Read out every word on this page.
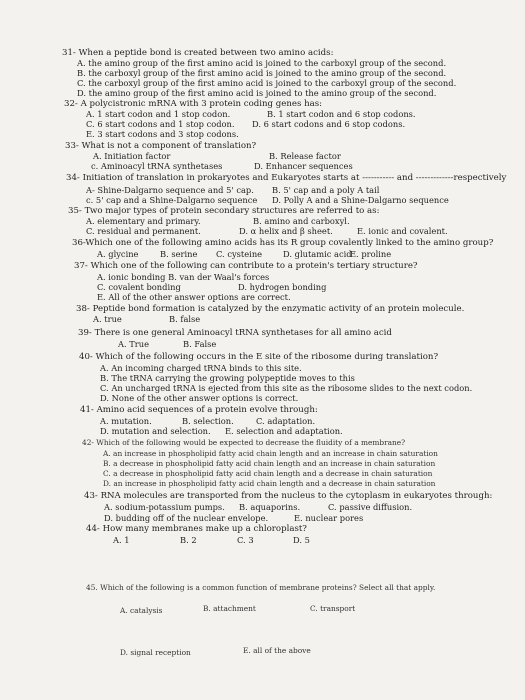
31- When a peptide bond is created between two amino acids:
A. the amino group of the first amino acid is joined to the carboxyl group of the second.
B. the carboxyl group of the first amino acid is joined to the amino group of the second.
C. the carboxyl group of the first amino acid is joined to the carboxyl group of the second.
D. the amino group of the first amino acid is joined to the amino group of the second.
32- A polycistronic mRNA with 3 protein coding genes has:
A. 1 start codon and 1 stop codon.	B. 1 start codon and 6 stop codons.
C. 6 start codons and 1 stop codon. D. 6 start codons and 6 stop codons.
E. 3 start codons and 3 stop codons.
33- What is not a component of translation?
A. Initiation factor	B. Release factor
c. Aminoacyl tRNA synthetases	D. Enhancer sequences
34- Initiation of translation in prokaryotes and Eukaryotes starts at ----------- and -------------respectively
A- Shine-Dalgarno sequence and 5' cap. B. 5' cap and a poly A tail
c. 5' cap and a Shine-Dalgarno sequence D. Polly A and a Shine-Dalgarno sequence
35- Two major types of protein secondary structures are referred to as:
A. elementary and primary.	B. amino and carboxyl.
C. residual and permanent.	D. α helix and β sheet.	E. ionic and covalent.
36-Which one of the following amino acids has its R group covalently linked to the amino group?
A. glycine	B. serine C. cysteine	D. glutamic acid
E. proline
37- Which one of the following can contribute to a protein's tertiary structure?
A. ionic bonding B. van der Waal's forces
C. covalent bonding	D. hydrogen bonding
E. All of the other answer options are correct.
38- Peptide bond formation is catalyzed by the enzymatic activity of an protein molecule.
A. true	B. false
39- There is one general Aminoacyl tRNA synthetases for all amino acid
A. True	B. False
40- Which of the following occurs in the E site of the ribosome during translation?
A. An incoming charged tRNA binds to this site.
B. The tRNA carrying the growing polypeptide moves to this
C. An uncharged tRNA is ejected from this site as the ribosome slides to the next codon.
D. None of the other answer options is correct.
41- Amino acid sequences of a protein evolve through:
A. mutation.	B. selection.	C. adaptation.
D. mutation and selection. E. selection and adaptation.
42- Which of the following would be expected to decrease the fluidity of a membrane?
A. an increase in phospholipid fatty acid chain length and an increase in chain saturation
B. a decrease in phospholipid fatty acid chain length and an increase in chain saturation
C. a decrease in phospholipid fatty acid chain length and a decrease in chain saturation
D. an increase in phospholipid fatty acid chain length and a decrease in chain saturation
43- RNA molecules are transported from the nucleus to the cytoplasm in eukaryotes through:
A. sodium-potassium pumps. B. aquaporins.	C. passive diffusion.
D. budding off of the nuclear envelope.	E. nuclear pores
44- How many membranes make up a chloroplast?
A. 1	B. 2	C. 3	D. 5
45. Which of the following is a common function of membrane proteins? Select all that apply.
A. catalysis	B. attachment	C. transport
D. signal reception	E. all of the above
